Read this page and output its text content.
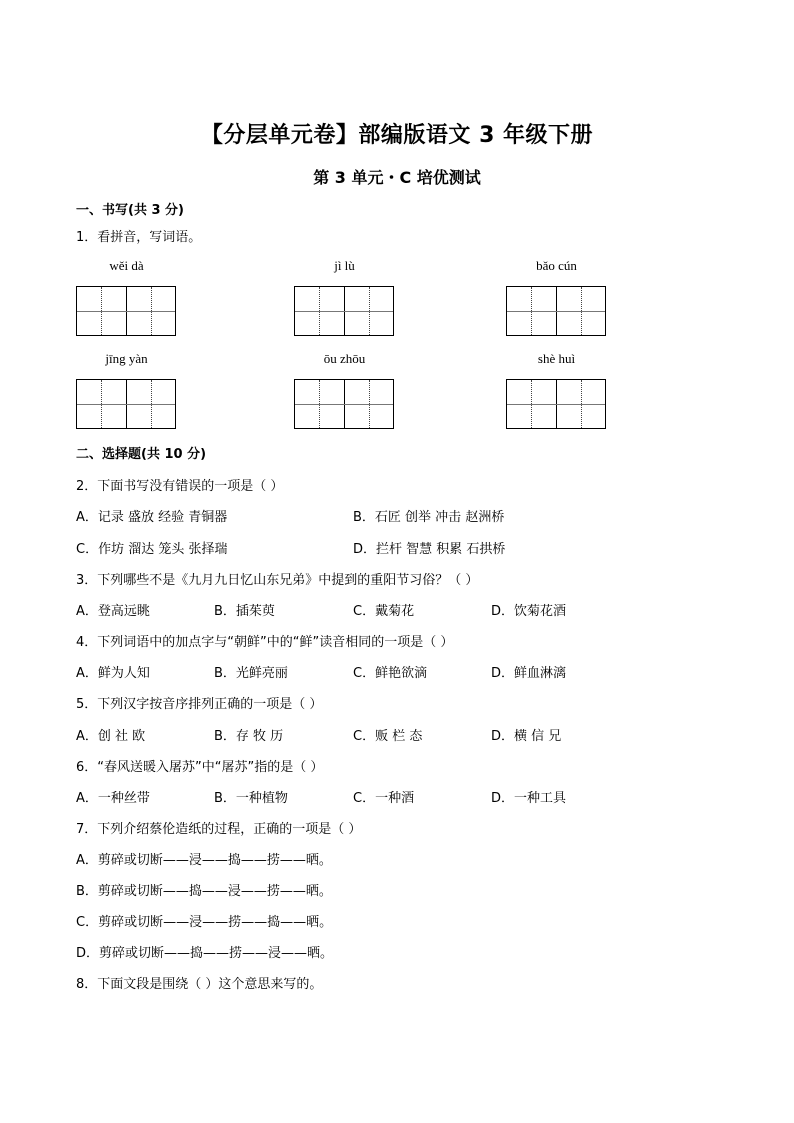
【分层单元卷】部编版语文 3 年级下册
第 3 单元・C 培优测试
一、书写(共 3 分)
1．看拼音，写词语。
wěi dà	jì lù	bǎo cún
jīng yàn	ōu zhōu	shè huì
二、选择题(共 10 分)
2．下面书写没有错误的一项是（ ）
A．记录 盛放 经验 青铜器	B．石匠 创举 冲击 赵洲桥
C．作坊 溜达 笼头 张择瑞	D．拦杆 智慧 积累 石拱桥
3．下列哪些不是《九月九日忆山东兄弟》中提到的重阳节习俗？（ ）
A．登高远眺	B．插茱萸	C．戴菊花	D．饮菊花酒
4．下列词语中的加点字与“朝鲜”中的“鲜”读音相同的一项是（ ）
A．鲜为人知	B．光鲜亮丽	C．鲜艳欲滴	D．鲜血淋漓
5．下列汉字按音序排列正确的一项是（ ）
A．创 社 欧	B．存 牧 历	C．贩 栏 态	D．横 信 兄
6．“春风送暖入屠苏”中“屠苏”指的是（ ）
A．一种丝带	B．一种植物	C．一种酒	D．一种工具
7．下列介绍蔡伦造纸的过程，正确的一项是（ ）
A．剪碎或切断——浸——捣——捞——晒。
B．剪碎或切断——捣——浸——捞——晒。
C．剪碎或切断——浸——捞——捣——晒。
D．剪碎或切断——捣——捞——浸——晒。
8．下面文段是围绕（ ）这个意思来写的。
